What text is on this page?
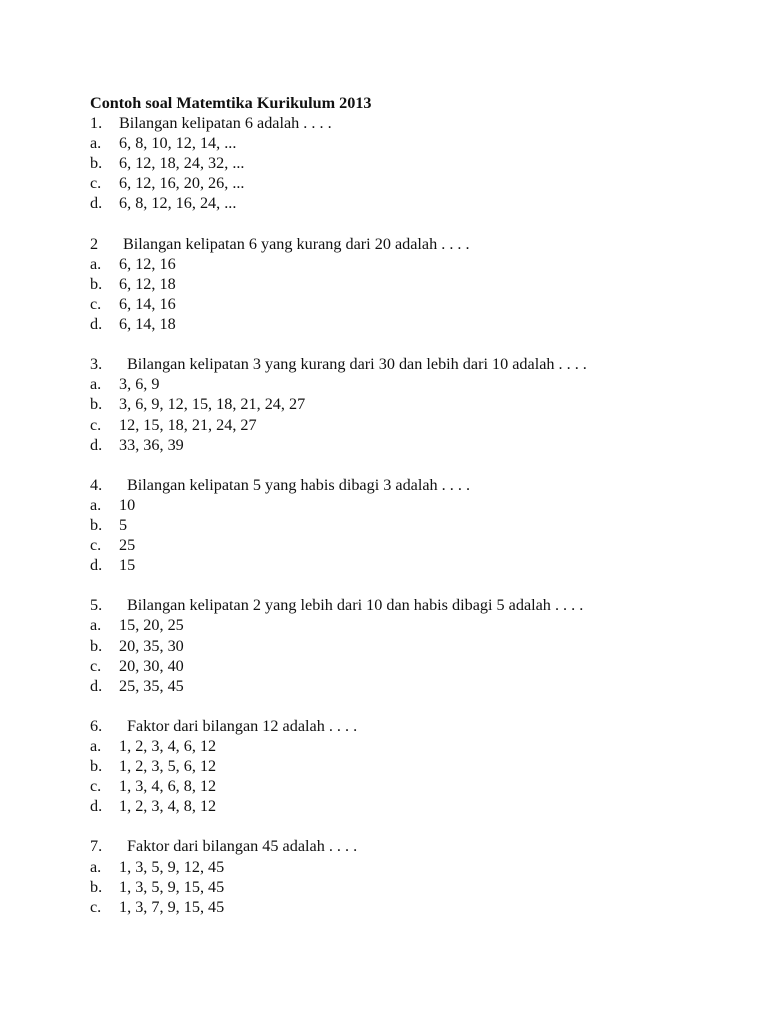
Contoh soal Matemtika Kurikulum 2013
1. Bilangan kelipatan 6 adalah . . . .
a. 6, 8, 10, 12, 14, ...
b. 6, 12, 18, 24, 32, ...
c. 6, 12, 16, 20, 26, ...
d. 6, 8, 12, 16, 24, ...
2 Bilangan kelipatan 6 yang kurang dari 20 adalah . . . .
a. 6, 12, 16
b. 6, 12, 18
c. 6, 14, 16
d. 6, 14, 18
3. Bilangan kelipatan 3 yang kurang dari 30 dan lebih dari 10 adalah . . . .
a. 3, 6, 9
b. 3, 6, 9, 12, 15, 18, 21, 24, 27
c. 12, 15, 18, 21, 24, 27
d. 33, 36, 39
4. Bilangan kelipatan 5 yang habis dibagi 3 adalah . . . .
a. 10
b. 5
c. 25
d. 15
5. Bilangan kelipatan 2 yang lebih dari 10 dan habis dibagi 5 adalah . . . .
a. 15, 20, 25
b. 20, 35, 30
c. 20, 30, 40
d. 25, 35, 45
6. Faktor dari bilangan 12 adalah . . . .
a. 1, 2, 3, 4, 6, 12
b. 1, 2, 3, 5, 6, 12
c. 1, 3, 4, 6, 8, 12
d. 1, 2, 3, 4, 8, 12
7. Faktor dari bilangan 45 adalah . . . .
a. 1, 3, 5, 9, 12, 45
b. 1, 3, 5, 9, 15, 45
c. 1, 3, 7, 9, 15, 45
